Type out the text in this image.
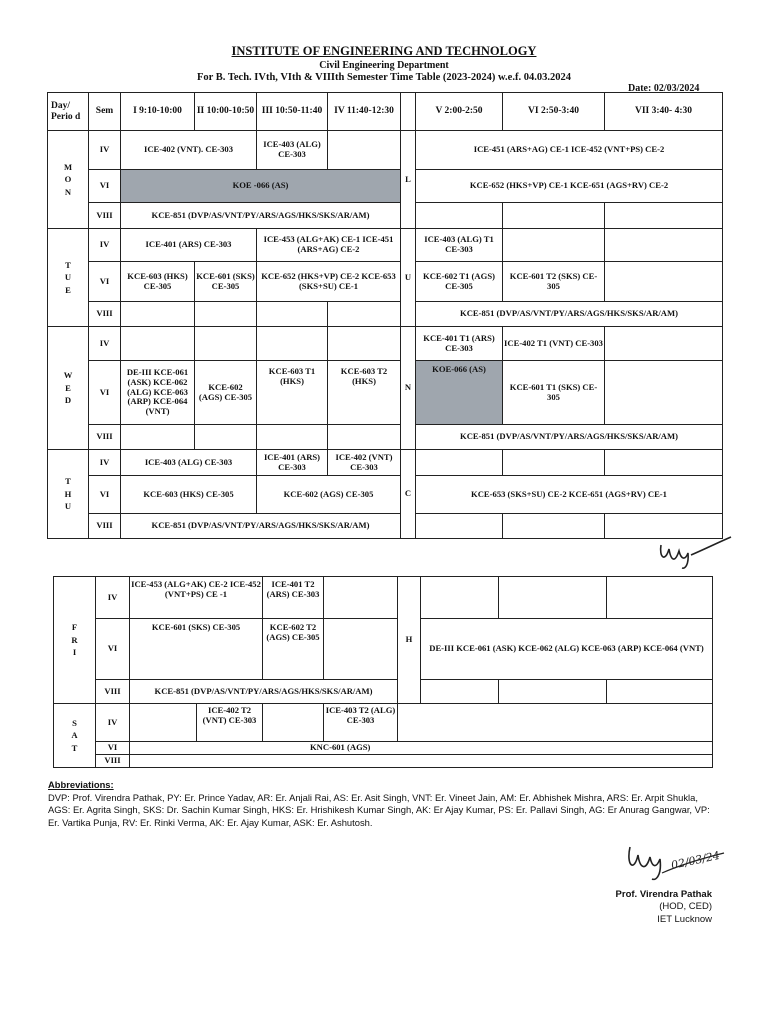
INSTITUTE OF ENGINEERING AND TECHNOLOGY
Civil Engineering Department
For B. Tech. IVth, VIth & VIIIth Semester Time Table (2023-2024) w.e.f. 04.03.2024
Date: 02/03/2024
Day/ Perio d	Sem	I 9:10-10:00	II 10:00-10:50	III 10:50-11:40	IV 11:40-12:30		V 2:00-2:50	VI 2:50-3:40	VII 3:40- 4:30

M O N	IV	ICE-402 (VNT). CE-303		ICE-403 (ALG) CE-303		L	ICE-451 (ARS+AG) CE-1 ICE-452 (VNT+PS) CE-2		
	VI	KOE -066 (AS)					KCE-652 (HKS+VP) CE-1 KCE-651 (AGS+RV) CE-2		
	VIII	KCE-851 (DVP/AS/VNT/PY/ARS/AGS/HKS/SKS/AR/AM)							

T U E	IV	ICE-401 (ARS) CE-303		ICE-453 (ALG+AK) CE-1 ICE-451 (ARS+AG) CE-2		U	ICE-403 (ALG) T1 CE-303		
	VI	KCE-603 (HKS) CE-305	KCE-601 (SKS) CE-305	KCE-652 (HKS+VP) CE-2 KCE-653 (SKS+SU) CE-1			KCE-602 T1 (AGS) CE-305	KCE-601 T2 (SKS) CE-305	
	VIII						KCE-851 (DVP/AS/VNT/PY/ARS/AGS/HKS/SKS/AR/AM)		

W E D	IV					N	KCE-401 T1 (ARS) CE-303	ICE-402 T1 (VNT) CE-303	
	VI	DE-III KCE-061 (ASK) KCE-062 (ALG) KCE-063 (ARP) KCE-064 (VNT)	KCE-602 (AGS) CE-305	KCE-603 T1 (HKS)	KCE-603 T2 (HKS)		KOE-066 (AS)	KCE-601 T1 (SKS) CE-305	
	VIII						KCE-851 (DVP/AS/VNT/PY/ARS/AGS/HKS/SKS/AR/AM)		

T H U	IV	ICE-403 (ALG) CE-303		ICE-401 (ARS) CE-303	ICE-402 (VNT) CE-303	C			
	VI	KCE-603 (HKS) CE-305		KCE-602 (AGS) CE-305			KCE-653 (SKS+SU) CE-2 KCE-651 (AGS+RV) CE-1		
	VIII	KCE-851 (DVP/AS/VNT/PY/ARS/AGS/HKS/SKS/AR/AM)							
F R I	IV	ICE-453 (ALG+AK) CE-2 ICE-452 (VNT+PS) CE -1		ICE-401 T2 (ARS) CE-303		H			
	VI	KCE-601 (SKS) CE-305		KCE-602 T2 (AGS) CE-305			DE-III KCE-061 (ASK) KCE-062 (ALG) KCE-063 (ARP) KCE-064 (VNT)		
	VIII	KCE-851 (DVP/AS/VNT/PY/ARS/AGS/HKS/SKS/AR/AM)							

S A T	IV		ICE-402 T2 (VNT) CE-303		ICE-403 T2 (ALG) CE-303				
	VI	KNC-601 (AGS)							
	VIII								
Abbreviations:
DVP: Prof. Virendra Pathak, PY: Er. Prince Yadav, AR: Er. Anjali Rai, AS: Er. Asit Singh, VNT: Er. Vineet Jain, AM: Er. Abhishek Mishra, ARS: Er. Arpit Shukla, AGS: Er. Agrita Singh, SKS: Dr. Sachin Kumar Singh, HKS: Er. Hrishikesh Kumar Singh, AK: Er Ajay Kumar, PS: Er. Pallavi Singh, AG: Er Anurag Gangwar, VP: Er. Vartika Punja, RV: Er. Rinki Verma, AK: Er. Ajay Kumar, ASK: Er. Ashutosh.
02/03/24
Prof. Virendra Pathak
(HOD, CED)
IET Lucknow
